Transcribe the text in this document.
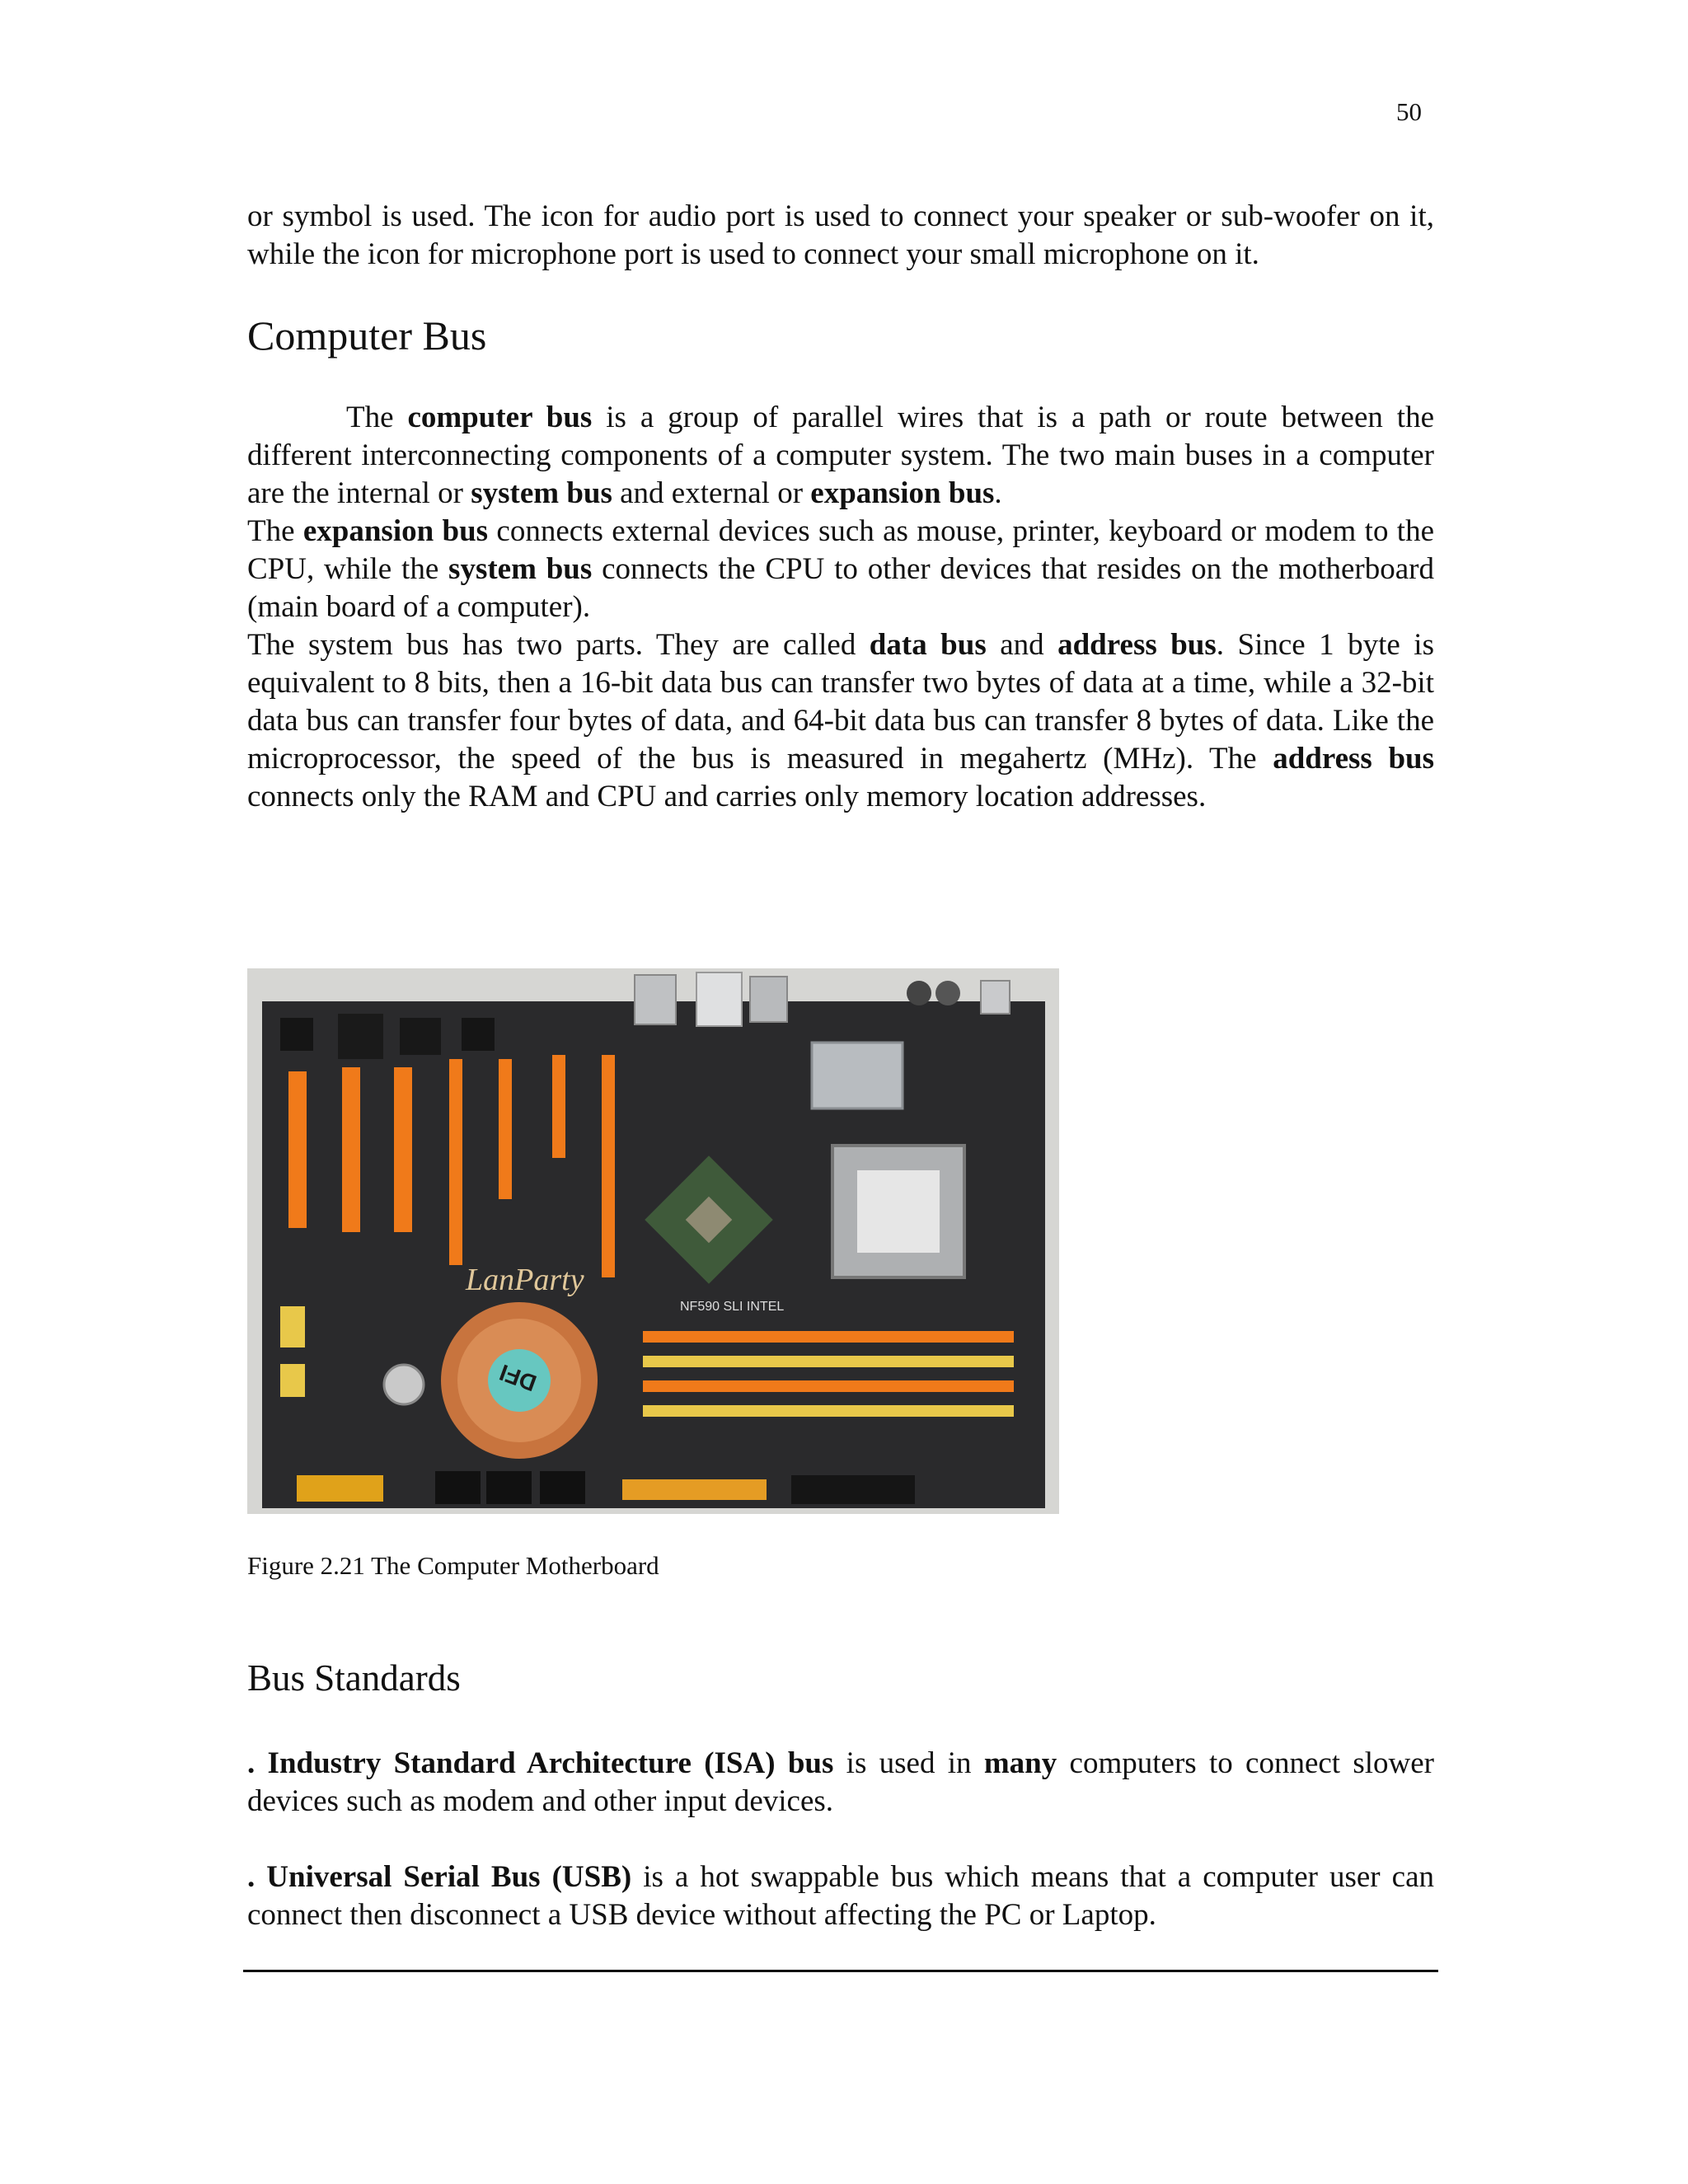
50
or symbol is used. The icon for audio port is used to connect your speaker or sub-woofer on it, while the icon for microphone port is used to connect your small microphone on it.
Computer Bus

The computer bus is a group of parallel wires that is a path or route between the different interconnecting components of a computer system. The two main buses in a computer are the internal or system bus and external or expansion bus.

The expansion bus connects external devices such as mouse, printer, keyboard or modem to the CPU, while the system bus connects the CPU to other devices that resides on the motherboard (main board of a computer).

The system bus has two parts. They are called data bus and address bus. Since 1 byte is equivalent to 8 bits, then a 16-bit data bus can transfer two bytes of data at a time, while a 32-bit data bus can transfer four bytes of data, and 64-bit data bus can transfer 8 bytes of data. Like the microprocessor, the speed of the bus is measured in megahertz (MHz). The address bus connects only the RAM and CPU and carries only memory location addresses.

LanParty
NF590 SLI INTEL
DFI
Figure 2.21 The Computer Motherboard
Bus Standards

. Industry Standard Architecture (ISA) bus is used in many computers to connect slower devices such as modem and other input devices.

. Universal Serial Bus (USB) is a hot swappable bus which means that a computer user can connect then disconnect a USB device without affecting the PC or Laptop.
